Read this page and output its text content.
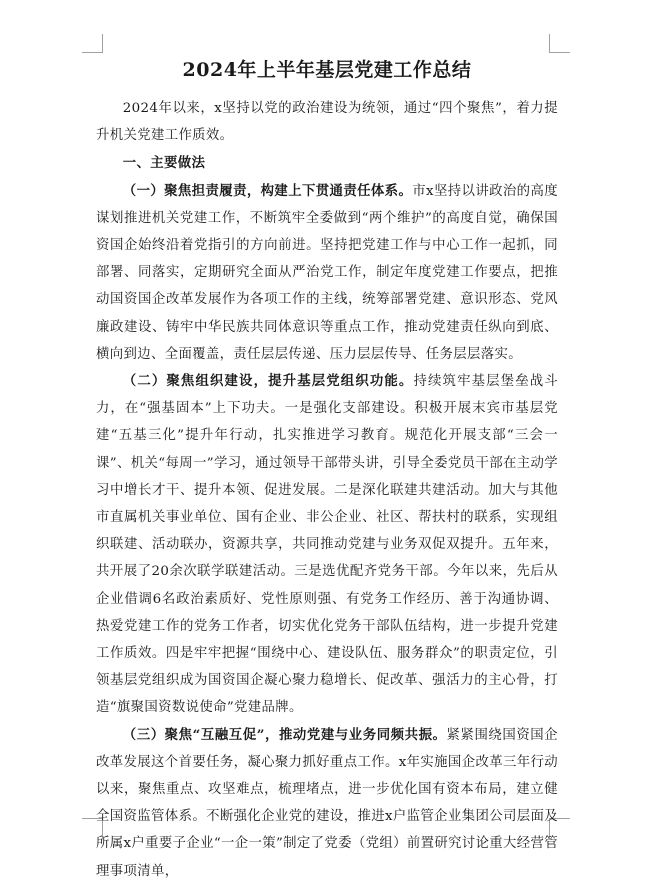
2024年上半年基层党建工作总结

2024年以来，x坚持以党的政治建设为统领，通过“四个聚焦”，着力提升机关党建工作质效。

一、主要做法

（一）聚焦担责履责，构建上下贯通责任体系。市x坚持以讲政治的高度谋划推进机关党建工作，不断筑牢全委做到“两个维护”的高度自觉，确保国资国企始终沿着党指引的方向前进。坚持把党建工作与中心工作一起抓，同部署、同落实，定期研究全面从严治党工作，制定年度党建工作要点，把推动国资国企改革发展作为各项工作的主线，统筹部署党建、意识形态、党风廉政建设、铸牢中华民族共同体意识等重点工作，推动党建责任纵向到底、横向到边、全面覆盖，责任层层传递、压力层层传导、任务层层落实。

（二）聚焦组织建设，提升基层党组织功能。持续筑牢基层堡垒战斗力，在“强基固本”上下功夫。一是强化支部建设。积极开展末宾市基层党建“五基三化”提升年行动，扎实推进学习教育。规范化开展支部“三会一课”、机关“每周一”学习，通过领导干部带头讲，引导全委党员干部在主动学习中增长才干、提升本领、促进发展。二是深化联建共建活动。加大与其他市直属机关事业单位、国有企业、非公企业、社区、帮扶村的联系，实现组织联建、活动联办，资源共享，共同推动党建与业务双促双提升。五年来，共开展了20余次联学联建活动。三是选优配齐党务干部。今年以来，先后从企业借调6名政治素质好、党性原则强、有党务工作经历、善于沟通协调、热爱党建工作的党务工作者，切实优化党务干部队伍结构，进一步提升党建工作质效。四是牢牢把握“围绕中心、建设队伍、服务群众”的职责定位，引领基层党组织成为国资国企凝心聚力稳增长、促改革、强活力的主心骨，打造“旗聚国资数说使命”党建品牌。

（三）聚焦“互融互促”，推动党建与业务同频共振。紧紧围绕国资国企改革发展这个首要任务，凝心聚力抓好重点工作。x年实施国企改革三年行动以来，聚焦重点、攻坚难点，梳理堵点，进一步优化国有资本布局，建立健全国资监管体系。不断强化企业党的建设，推进x户监管企业集团公司层面及所属x户重要子企业“一企一策”制定了党委（党组）前置研究讨论重大经营管理事项清单，
